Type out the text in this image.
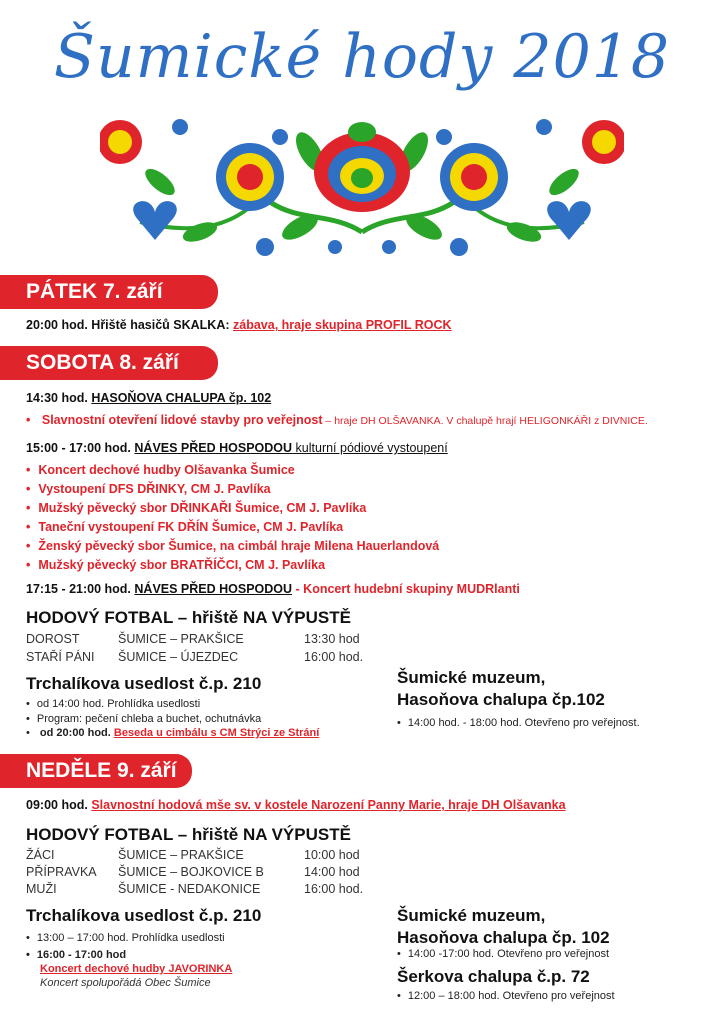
Šumické hody 2018
PÁTEK 7. září
20:00 hod. Hřiště hasičů SKALKA: zábava, hraje skupina PROFIL ROCK
SOBOTA 8. září
14:30 hod. HASOŇOVA CHALUPA čp. 102
• Slavnostní otevření lidové stavby pro veřejnost – hraje DH OLŠAVANKA. V chalupě hrají HELIGONKÁŘI z DIVNICE.
15:00 - 17:00 hod. NÁVES PŘED HOSPODOU kulturní pódiové vystoupení
• Koncert dechové hudby Olšavanka Šumice
• Vystoupení DFS DŘINKY, CM J. Pavlíka
• Mužský pěvecký sbor DŘINKAŘI Šumice, CM J. Pavlíka
• Taneční vystoupení FK DŘÍN Šumice, CM J. Pavlíka
• Ženský pěvecký sbor Šumice, na cimbál hraje Milena Hauerlandová
• Mužský pěvecký sbor BRATŘÍČCI, CM J. Pavlíka
17:15 - 21:00 hod. NÁVES PŘED HOSPODOU - Koncert hudební skupiny MUDRlanti
HODOVÝ FOTBAL – hřiště NA VÝPUSTĚ
DOROST	ŠUMICE – PRAKŠICE	13:30 hod
STAŘÍ PÁNI ŠUMICE – ÚJEZDEC	16:00 hod.
Trchalíkova usedlost č.p. 210
• od 14:00 hod. Prohlídka usedlosti
• Program: pečení chleba a buchet, ochutnávka
• od 20:00 hod. Beseda u cimbálu s CM Strýci ze Strání
Šumické muzeum,
Hasoňova chalupa čp.102
• 14:00 hod. - 18:00 hod. Otevřeno pro veřejnost.
NEDĚLE 9. září
09:00 hod. Slavnostní hodová mše sv. v kostele Narození Panny Marie, hraje DH Olšavanka
HODOVÝ FOTBAL – hřiště NA VÝPUSTĚ
ŽÁCI	ŠUMICE – PRAKŠICE	10:00 hod
PŘÍPRAVKA ŠUMICE – BOJKOVICE B	14:00 hod
MUŽI	ŠUMICE - NEDAKONICE	16:00 hod.
Trchalíkova usedlost č.p. 210
• 13:00 – 17:00 hod. Prohlídka usedlosti
• 16:00 - 17:00 hod
Koncert dechové hudby JAVORINKA
Koncert spolupořádá Obec Šumice
Šumické muzeum,
Hasoňova chalupa čp. 102
• 14:00 -17:00 hod. Otevřeno pro veřejnost
Šerkova chalupa č.p. 72
• 12:00 – 18:00 hod. Otevřeno pro veřejnost
